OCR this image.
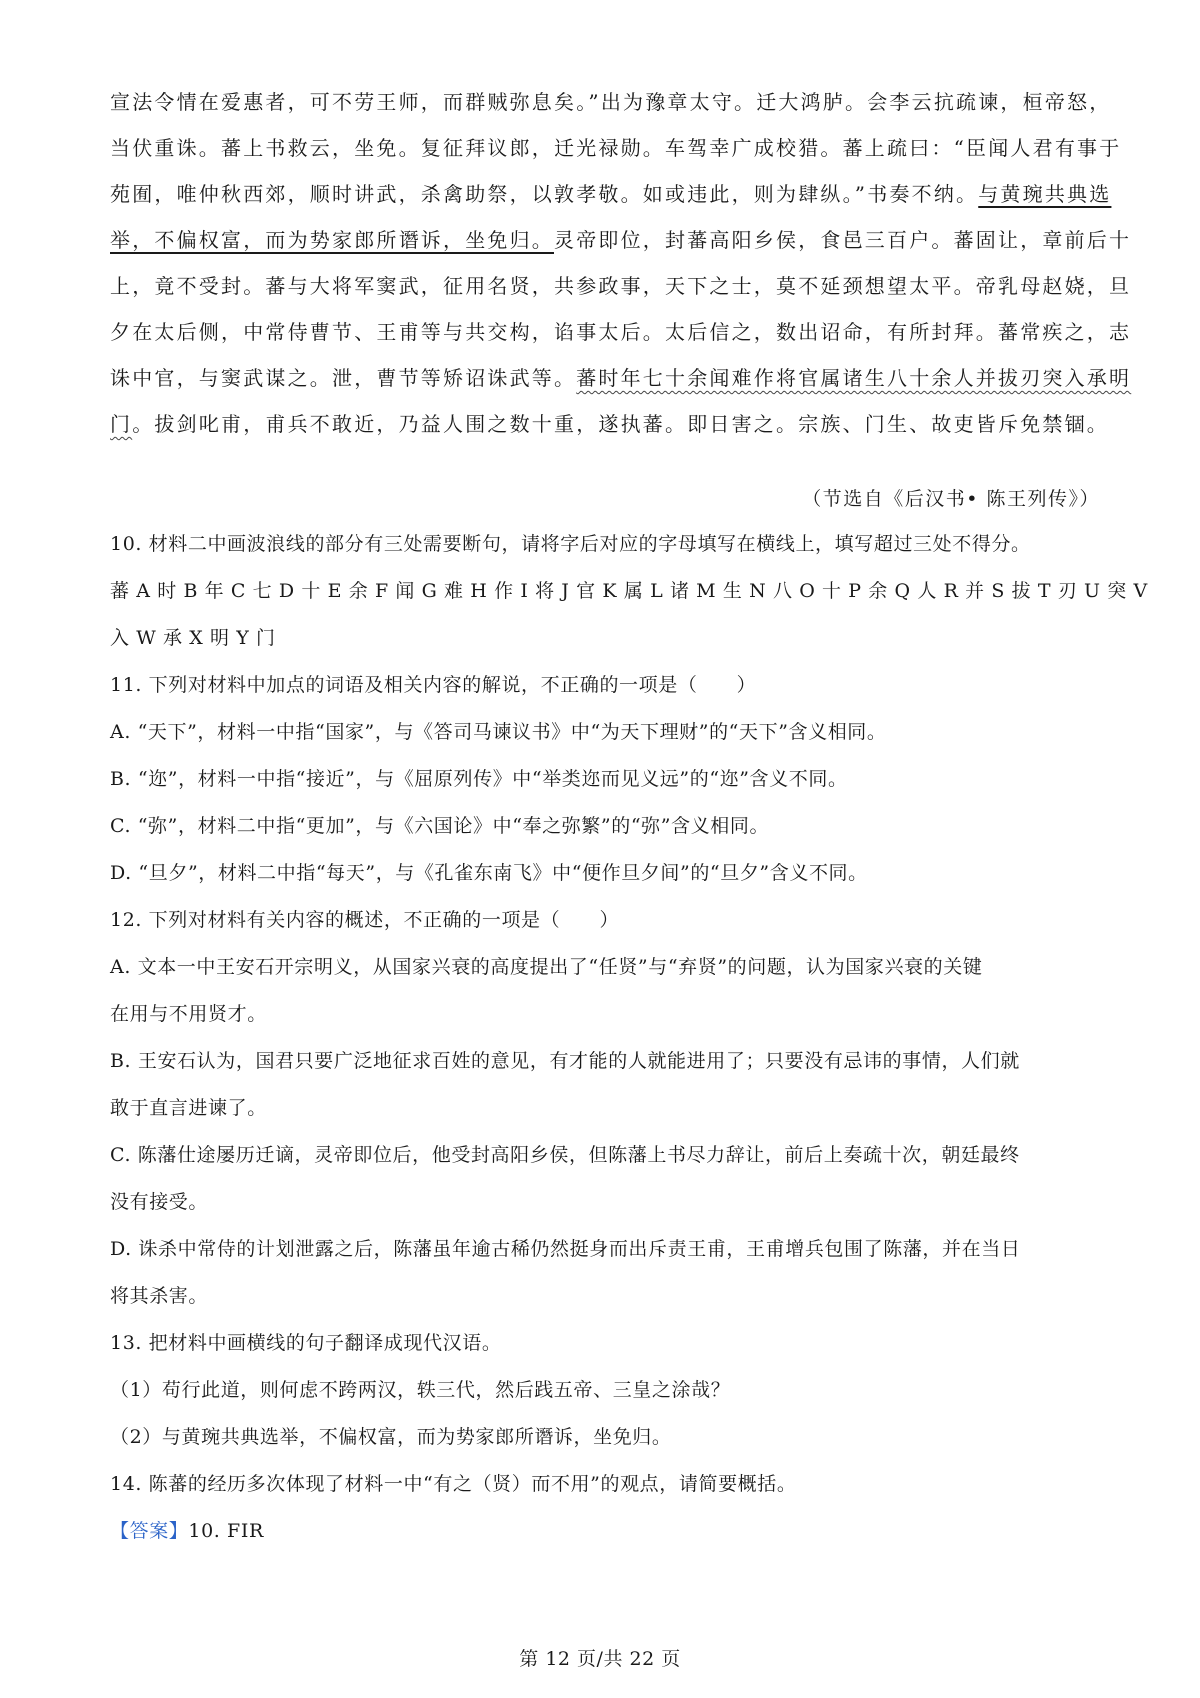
宣法令情在爱惠者，可不劳王师，而群贼弥息矣。”出为豫章太守。迁大鸿胪。会李云抗疏谏，桓帝怒，
当伏重诛。蕃上书救云，坐免。复征拜议郎，迁光禄勋。车驾幸广成校猎。蕃上疏曰：“臣闻人君有事于
苑囿，唯仲秋西郊，顺时讲武，杀禽助祭，以敦孝敬。如或违此，则为肆纵。”书奏不纳。与黄琬共典选
举，不偏权富，而为势家郎所谮诉，坐免归。灵帝即位，封蕃高阳乡侯，食邑三百户。蕃固让，章前后十
上，竟不受封。蕃与大将军窦武，征用名贤，共参政事，天下之士，莫不延颈想望太平。帝乳母赵娆，旦
夕在太后侧，中常侍曹节、王甫等与共交构，谄事太后。太后信之，数出诏命，有所封拜。蕃常疾之，志
诛中官，与窦武谋之。泄，曹节等矫诏诛武等。蕃时年七十余闻难作将官属诸生八十余人并拔刃突入承明
门。拔剑叱甫，甫兵不敢近，乃益人围之数十重，遂执蕃。即日害之。宗族、门生、故吏皆斥免禁锢。
（节选自《后汉书• 陈王列传》）
10. 材料二中画波浪线的部分有三处需要断句，请将字后对应的字母填写在横线上，填写超过三处不得分。
蕃 A 时 B 年 C 七 D 十 E 余 F 闻 G 难 H 作 I 将 J 官 K 属 L 诸 M 生 N 八 O 十 P 余 Q 人 R 并 S 拔 T 刃 U 突 V
入 W 承 X 明 Y 门
11. 下列对材料中加点的词语及相关内容的解说，不正确的一项是（　　）
A. “天下”，材料一中指“国家”，与《答司马谏议书》中“为天下理财”的“天下”含义相同。
B. “迩”，材料一中指“接近”，与《屈原列传》中“举类迩而见义远”的“迩”含义不同。
C. “弥”，材料二中指“更加”，与《六国论》中“奉之弥繁”的“弥”含义相同。
D. “旦夕”，材料二中指“每天”，与《孔雀东南飞》中“便作旦夕间”的“旦夕”含义不同。
12. 下列对材料有关内容的概述，不正确的一项是（　　）
A. 文本一中王安石开宗明义，从国家兴衰的高度提出了“任贤”与“弃贤”的问题，认为国家兴衰的关键
在用与不用贤才。
B. 王安石认为，国君只要广泛地征求百姓的意见，有才能的人就能进用了；只要没有忌讳的事情，人们就
敢于直言进谏了。
C. 陈藩仕途屡历迁谪，灵帝即位后，他受封高阳乡侯，但陈藩上书尽力辞让，前后上奏疏十次，朝廷最终
没有接受。
D. 诛杀中常侍的计划泄露之后，陈藩虽年逾古稀仍然挺身而出斥责王甫，王甫增兵包围了陈藩，并在当日
将其杀害。
13. 把材料中画横线的句子翻译成现代汉语。
（1）苟行此道，则何虑不跨两汉，轶三代，然后践五帝、三皇之涂哉？
（2）与黄琬共典选举，不偏权富，而为势家郎所谮诉，坐免归。
14. 陈蕃的经历多次体现了材料一中“有之（贤）而不用”的观点，请简要概括。
【答案】10. FIR
第 12 页/共 22 页
